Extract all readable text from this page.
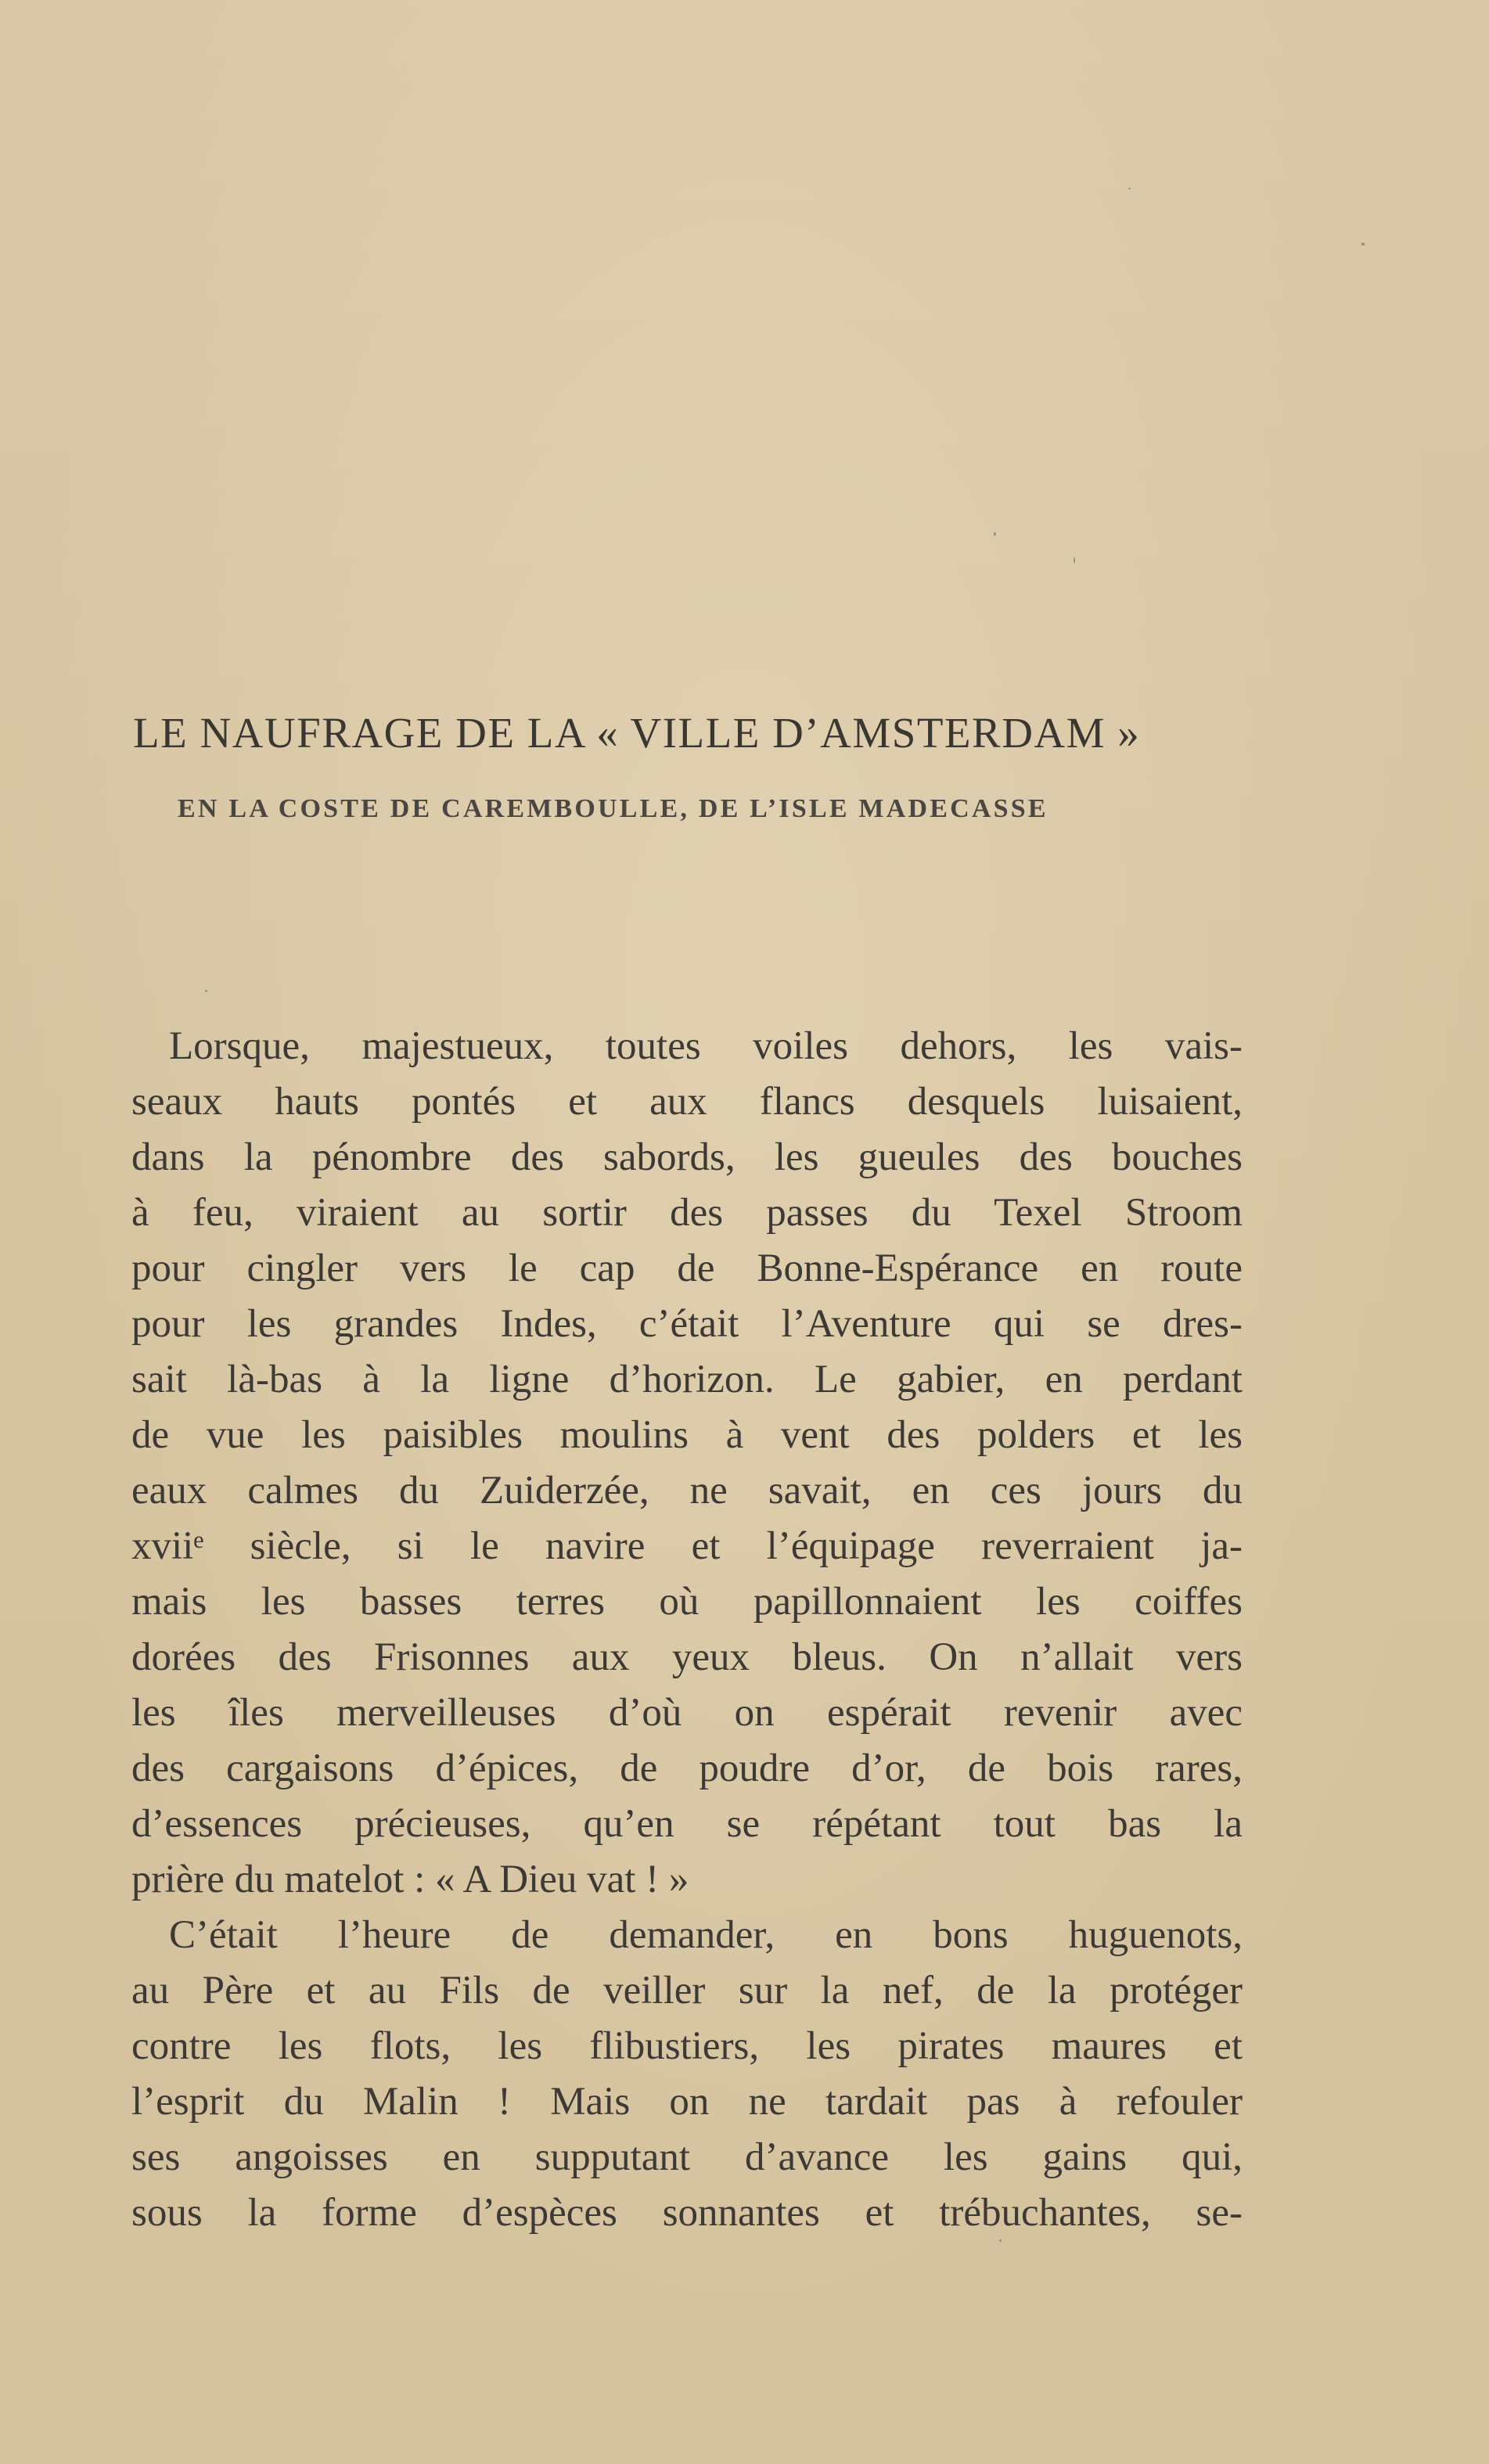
LE NAUFRAGE DE LA « VILLE D’AMSTERDAM »
EN LA COSTE DE CAREMBOULLE, DE L’ISLE MADECASSE
Lorsque, majestueux, toutes voiles dehors, les vais-
seaux hauts pontés et aux flancs desquels luisaient,
dans la pénombre des sabords, les gueules des bouches
à feu, viraient au sortir des passes du Texel Stroom
pour cingler vers le cap de Bonne-Espérance en route
pour les grandes Indes, c’était l’Aventure qui se dres-
sait là-bas à la ligne d’horizon. Le gabier, en perdant
de vue les paisibles moulins à vent des polders et les
eaux calmes du Zuiderzée, ne savait, en ces jours du
xviiᵉ siècle, si le navire et l’équipage reverraient ja-
mais les basses terres où papillonnaient les coiffes
dorées des Frisonnes aux yeux bleus. On n’allait vers
les îles merveilleuses d’où on espérait revenir avec
des cargaisons d’épices, de poudre d’or, de bois rares,
d’essences précieuses, qu’en se répétant tout bas la
prière du matelot : « A Dieu vat ! »
C’était l’heure de demander, en bons huguenots,
au Père et au Fils de veiller sur la nef, de la protéger
contre les flots, les flibustiers, les pirates maures et
l’esprit du Malin ! Mais on ne tardait pas à refouler
ses angoisses en supputant d’avance les gains qui,
sous la forme d’espèces sonnantes et trébuchantes, se-
